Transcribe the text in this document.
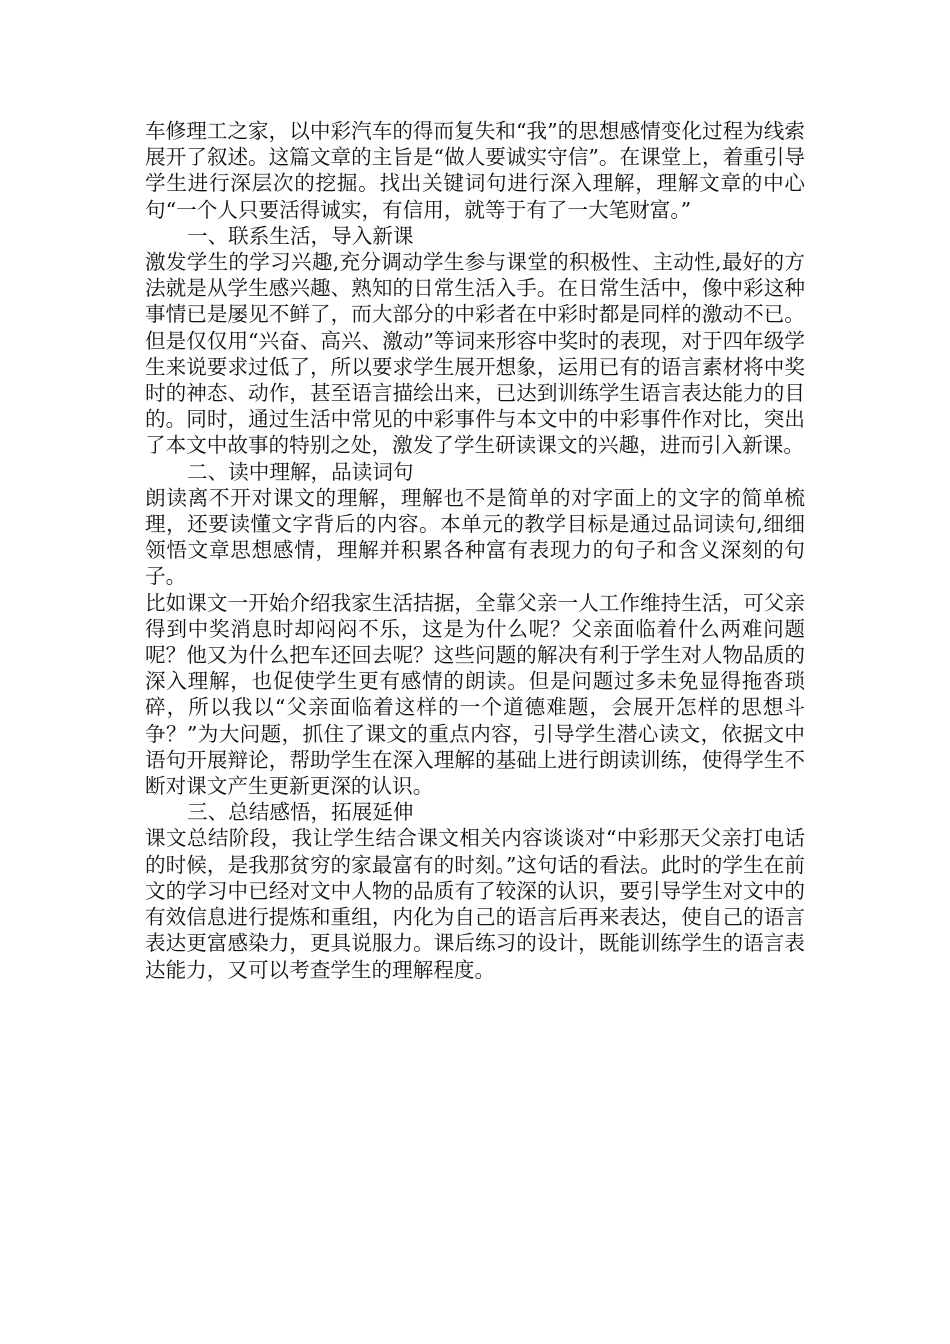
车修理工之家，以中彩汽车的得而复失和“我”的思想感情变化过程为线索展开了叙述。这篇文章的主旨是“做人要诚实守信”。在课堂上，着重引导学生进行深层次的挖掘。找出关键词句进行深入理解，理解文章的中心句“一个人只要活得诚实，有信用，就等于有了一大笔财富。”

一、联系生活，导入新课

激发学生的学习兴趣,充分调动学生参与课堂的积极性、主动性,最好的方法就是从学生感兴趣、熟知的日常生活入手。在日常生活中，像中彩这种事情已是屡见不鲜了，而大部分的中彩者在中彩时都是同样的激动不已。但是仅仅用“兴奋、高兴、激动”等词来形容中奖时的表现，对于四年级学生来说要求过低了，所以要求学生展开想象，运用已有的语言素材将中奖时的神态、动作，甚至语言描绘出来，已达到训练学生语言表达能力的目的。同时，通过生活中常见的中彩事件与本文中的中彩事件作对比，突出了本文中故事的特别之处，激发了学生研读课文的兴趣，进而引入新课。

二、读中理解，品读词句

朗读离不开对课文的理解，理解也不是简单的对字面上的文字的简单梳理，还要读懂文字背后的内容。本单元的教学目标是通过品词读句,细细领悟文章思想感情，理解并积累各种富有表现力的句子和含义深刻的句子。

比如课文一开始介绍我家生活拮据，全靠父亲一人工作维持生活，可父亲得到中奖消息时却闷闷不乐，这是为什么呢？父亲面临着什么两难问题呢？他又为什么把车还回去呢？这些问题的解决有利于学生对人物品质的深入理解，也促使学生更有感情的朗读。但是问题过多未免显得拖沓琐碎，所以我以“父亲面临着这样的一个道德难题，会展开怎样的思想斗争？”为大问题，抓住了课文的重点内容，引导学生潜心读文，依据文中语句开展辩论，帮助学生在深入理解的基础上进行朗读训练，使得学生不断对课文产生更新更深的认识。

三、总结感悟，拓展延伸

课文总结阶段，我让学生结合课文相关内容谈谈对“中彩那天父亲打电话的时候，是我那贫穷的家最富有的时刻。”这句话的看法。此时的学生在前文的学习中已经对文中人物的品质有了较深的认识，要引导学生对文中的有效信息进行提炼和重组，内化为自己的语言后再来表达，使自己的语言表达更富感染力，更具说服力。课后练习的设计，既能训练学生的语言表达能力，又可以考查学生的理解程度。
